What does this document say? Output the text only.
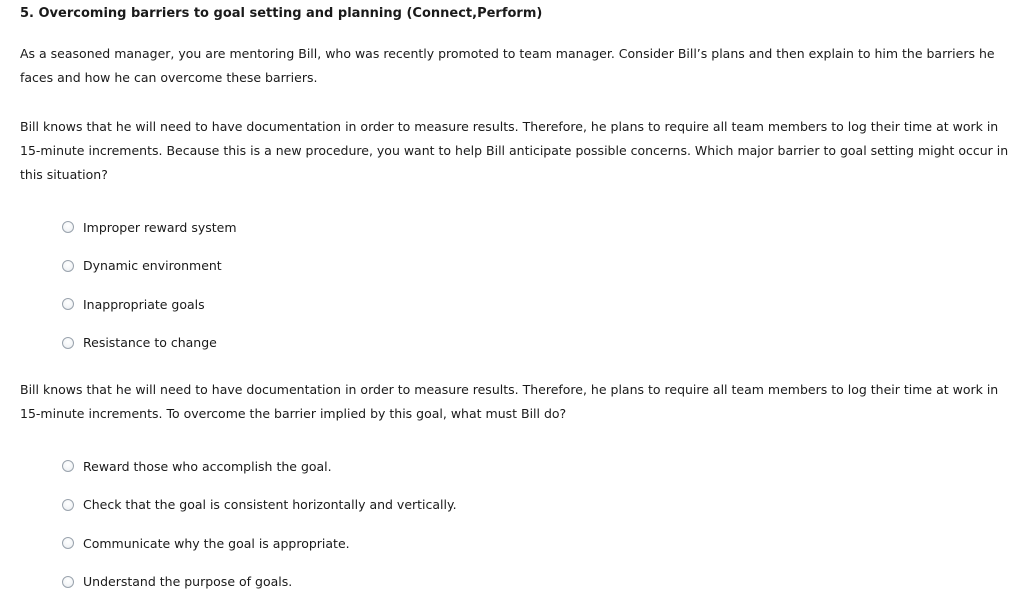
5. Overcoming barriers to goal setting and planning (Connect,Perform)
As a seasoned manager, you are mentoring Bill, who was recently promoted to team manager. Consider Bill’s plans and then explain to him the barriers he faces and how he can overcome these barriers.
Bill knows that he will need to have documentation in order to measure results. Therefore, he plans to require all team members to log their time at work in 15-minute increments. Because this is a new procedure, you want to help Bill anticipate possible concerns. Which major barrier to goal setting might occur in this situation?
Improper reward system
Dynamic environment
Inappropriate goals
Resistance to change
Bill knows that he will need to have documentation in order to measure results. Therefore, he plans to require all team members to log their time at work in 15-minute increments. To overcome the barrier implied by this goal, what must Bill do?
Reward those who accomplish the goal.
Check that the goal is consistent horizontally and vertically.
Communicate why the goal is appropriate.
Understand the purpose of goals.
